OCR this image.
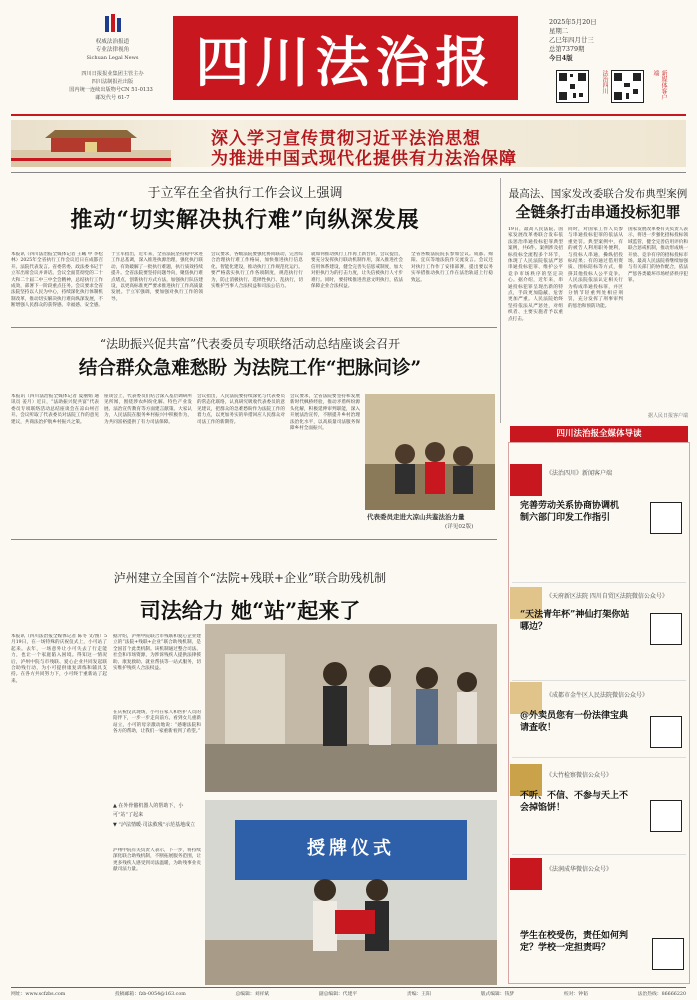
权威法治报道
专业法律视角
Sichuan Legal News
四川日报报业集团主管主办
四川法制报社出版
国内统一连续出版物号CN 51-0133
邮发代号 61-7
四川法治报
2025年5月20日
星期二
乙巳年四月廿三
总第7379期
今日4版
法治四川	新媒体客户端
深入学习宣传贯彻习近平法治思想
为推进中国式现代化提供有力法治保障
于立军在全省执行工作会议上强调
推动“切实解决执行难”向纵深发展
本报讯（四川法治报全媒体记者 王曦 中 李松林）2025年全省执行工作会议近日在成都召开。法院代表发言。省委常委、政法委书记于立军出席会议并讲话。会议全面贯彻党的二十大和二十届二中三中全会精神，总结执行工作成效，部署下一阶段重点任务。会议要求全省法院坚持以人民为中心，持续深化执行体制机制改革，推动切实解决执行难向纵深发展，不断增强人民群众的获得感、幸福感、安全感。
于立军指出，近年来，全省法院坚持稳中求进工作总基调，深入推进执源治理，强化执行联动，有效破解了一批执行难题，执行质效持续提升。全省法院要坚持问题导向，聚焦执行难点堵点，创新执行方式方法，加强执行队伍建设，以更高标准更严要求推进执行工作高质量发展。于立军强调，要加强对执行工作的领导。
会议要求，各级法院要强化协同联动，完善综合治理执行难工作格局，加快推进执行信息化、智能化建设，推动执行工作规范化运行。要严格落实执行工作各项制度，规范执行行为，防止消极执行、选择性执行、乱执行，切实维护当事人合法权益和司法公信力。
就如何推动执行工作再上新台阶，会议提出，要充分发挥执行联动机制作用，深入推进社会信用体系建设，健全完善失信惩戒制度，加大对拒执行为的打击力度，让失信被执行人寸步难行。同时，要持续推进善意文明执行，依法保障企业合法权益。
全省各级法院院长参加会议。成都、绵阳、宜宾等地法院作交流发言。会议还对执行工作作了安排部署，提出要以务实举措推动执行工作在法治轨道上行稳致远。
最高法、国家发改委联合发布典型案例
全链条打击串通投标犯罪
19日，最高人民法院、国家发展改革委联合发布依法惩治串通投标犯罪典型案例，共6件。案例涉及招标投标全流程多个环节，体现了人民法院依法严惩串通投标犯罪、维护公平竞争市场秩序的坚定决心。据介绍，近年来，串通投标犯罪呈现出新的特点，手段更加隐蔽，危害更加严重。人民法院始终坚持依法从严惩处，对组织者、主要实施者予以重点打击。
同时，对国家工作人员参与串通投标犯罪的依法从重处罚。典型案例中，有的被告人利用职务便利，与投标人串通，操纵招投标结果；有的通过借用资质、围标陪标等方式，排挤其他投标人公平竞争。人民法院依法认定相关行为构成串通投标罪，并区分情节轻重判处相应刑罚，充分发挥了刑事审判的惩治和预防功能。
国家发展改革委有关负责人表示，将进一步强化招标投标领域监管，健全完善信用评价和联合惩戒机制，推动形成统一开放、竞争有序的招标投标市场。最高人民法院将继续加强与有关部门的协作配合，依法严惩各类破坏市场经济秩序犯罪。
据人民日报客户端
“法助振兴促共富”代表委员专项联络活动总结座谈会召开
结合群众急难愁盼 为法院工作“把脉问诊”
本报讯（四川法治报全媒体记者 夏丽娟 通讯员 姜月）近日，“法助振兴促共富”代表委员专项联络活动总结座谈会在凉山州召开。会议听取了代表委员对法院工作的意见建议，共商法治护航乡村振兴之策。
座谈会上，代表委员们结合深入基层调研所见所闻，围绕涉农纠纷化解、特色产业发展、法治宣传教育等方面建言献策。大家认为，人民法院在服务乡村振兴中积极作为，为共同富裕提供了有力司法保障。
会议指出，人民法院要持续深化与代表委员的常态化联络，认真研究吸收代表委员的意见建议，把群众的急难愁盼作为法院工作的着力点，以更加务实的举措回应人民群众对司法工作的新期待。
会议要求，全省法院要坚持和发展新时代枫桥经验，推动矛盾纠纷源头化解，积极延伸审判职能，深入开展法治宣传，不断提升乡村治理法治化水平，以高质量司法服务保障乡村全面振兴。
代表委员走进大凉山共鉴法治力量
(详见02版)
泸州建立全国首个“法院+残联+企业”联合助残机制
司法给力 她“站”起来了
本报讯（四川法治报全媒体记者 陈冬 文/图）5月19日，在一场特殊的庆祝仪式上，小可站了起来。去年，一场意外让小可失去了行走能力，也让一个家庭陷入困境。得知这一情况后，泸州中院与市残联、爱心企业共同发起联合助残行动，为小可提供康复训练和辅具支持。在各方共同努力下，小可终于重新站了起来。
据介绍，泸州中院联合市残联和爱心企业建立的“法院+残联+企业”联合助残机制，是全国首个此类机制。该机制通过整合司法、社会和市场资源，为涉诉残疾人提供法律援助、康复救助、就业帮扶等一站式服务，切实维护残疾人合法权益。
在庆祝仪式现场，小可在家人和医护人员的陪伴下，一步一步走向前方。看到女儿重新站立，小可的母亲激动地说：“感谢法院和各方的帮助，让我们一家重新看到了希望。”
▲ 在外骨骼机器人的帮助下，小可“站”了起来
▼ “泸法情暖·司法救残”示范基地成立
泸州中院有关负责人表示，下一步，将持续深化联合助残机制，不断拓展服务范围，让更多残疾人感受到司法温暖，为助残事业贡献司法力量。
授牌仪式
四川法治报全媒体导读
《法治四川》新闻客户端
完善劳动关系协商协调机制六部门印发工作指引
《天府新区法院 四川自贸区法院微信公众号》
“天法青年杯”神仙打架你站哪边？
《成都市金牛区人民法院微信公众号》
@外卖员您有一份法律宝典请查收！
《大竹检察微信公众号》
不听、不信、不参与天上不会掉馅饼！
《法润成华微信公众号》
学生在校受伤，责任如何判定？学校一定担责吗？
网址：www.scfzbs.com	投稿邮箱：fzb-0054@163.com	总编辑：刘祥斌	副总编辑：代建平	责编：王阳	版式编辑：钱梦	校对：钟韬	法治热线：86666220
